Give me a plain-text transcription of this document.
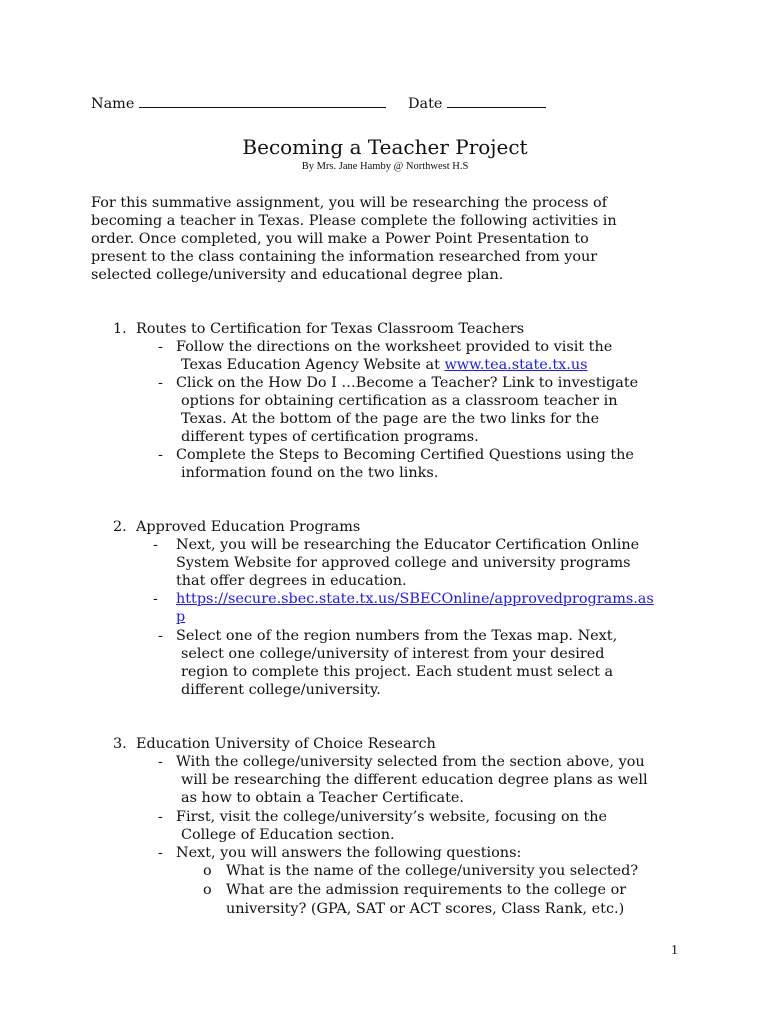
Name	Date
Becoming a Teacher Project
By Mrs. Jane Hamby @ Northwest H.S
For this summative assignment, you will be researching the process of
becoming a teacher in Texas. Please complete the following activities in
order. Once completed, you will make a Power Point Presentation to
present to the class containing the information researched from your
selected college/university and educational degree plan.
1. Routes to Certification for Texas Classroom Teachers
- Follow the directions on the worksheet provided to visit the
Texas Education Agency Website at www.tea.state.tx.us
- Click on the How Do I …Become a Teacher? Link to investigate
options for obtaining certification as a classroom teacher in
Texas. At the bottom of the page are the two links for the
different types of certification programs.
- Complete the Steps to Becoming Certified Questions using the
information found on the two links.
2. Approved Education Programs
- Next, you will be researching the Educator Certification Online
System Website for approved college and university programs
that offer degrees in education.
- https://secure.sbec.state.tx.us/SBECOnline/approvedprograms.as
p
- Select one of the region numbers from the Texas map. Next,
select one college/university of interest from your desired
region to complete this project. Each student must select a
different college/university.
3. Education University of Choice Research
- With the college/university selected from the section above, you
will be researching the different education degree plans as well
as how to obtain a Teacher Certificate.
- First, visit the college/university’s website, focusing on the
College of Education section.
- Next, you will answers the following questions:
o What is the name of the college/university you selected?
o What are the admission requirements to the college or
university? (GPA, SAT or ACT scores, Class Rank, etc.)
1
